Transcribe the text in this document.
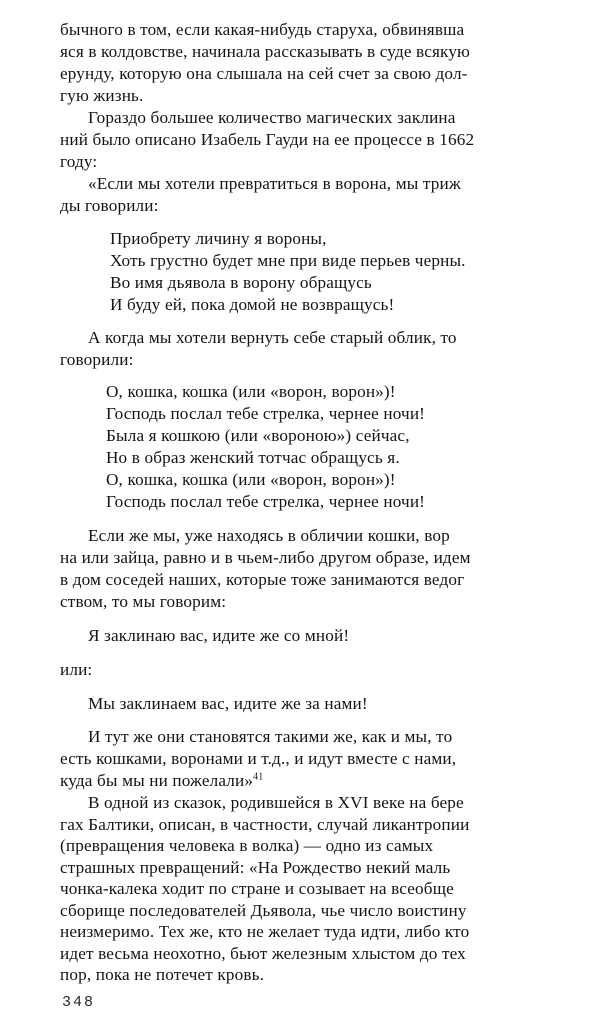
бычного в том, если какая-нибудь старуха, обвинявша
яся в колдовстве, начинала рассказывать в суде всякую
ерунду, которую она слышала на сей счет за свою дол-
гую жизнь.
Гораздо большее количество магических заклина
ний было описано Изабель Гауди на ее процессе в 1662
году:
«Если мы хотели превратиться в ворона, мы триж
ды говорили:
Приобрету личину я вороны,
Хоть грустно будет мне при виде перьев черны.
Во имя дьявола в ворону обращусь
И буду ей, пока домой не возвращусь!
А когда мы хотели вернуть себе старый облик, то
говорили:
О, кошка, кошка (или «ворон, ворон»)!
Господь послал тебе стрелка, чернее ночи!
Была я кошкою (или «вороною») сейчас,
Но в образ женский тотчас обращусь я.
О, кошка, кошка (или «ворон, ворон»)!
Господь послал тебе стрелка, чернее ночи!
Если же мы, уже находясь в обличии кошки, вор
на или зайца, равно и в чьем-либо другом образе, идем
в дом соседей наших, которые тоже занимаются ведог
ством, то мы говорим:
Я заклинаю вас, идите же со мной!
или:
Мы заклинаем вас, идите же за нами!
И тут же они становятся такими же, как и мы, то
есть кошками, воронами и т.д., и идут вместе с нами,
куда бы мы ни пожелали»$^{41}$
В одной из сказок, родившейся в XVI веке на бере
гах Балтики, описан, в частности, случай ликантропии
(превращения человека в волка) — одно из самых
страшных превращений: «На Рождество некий маль
чонка-калека ходит по стране и созывает на всеобще
сборище последователей Дьявола, чье число воистину
неизмеримо. Тех же, кто не желает туда идти, либо кто
идет весьма неохотно, бьют железным хлыстом до тех
пор, пока не потечет кровь.
348
